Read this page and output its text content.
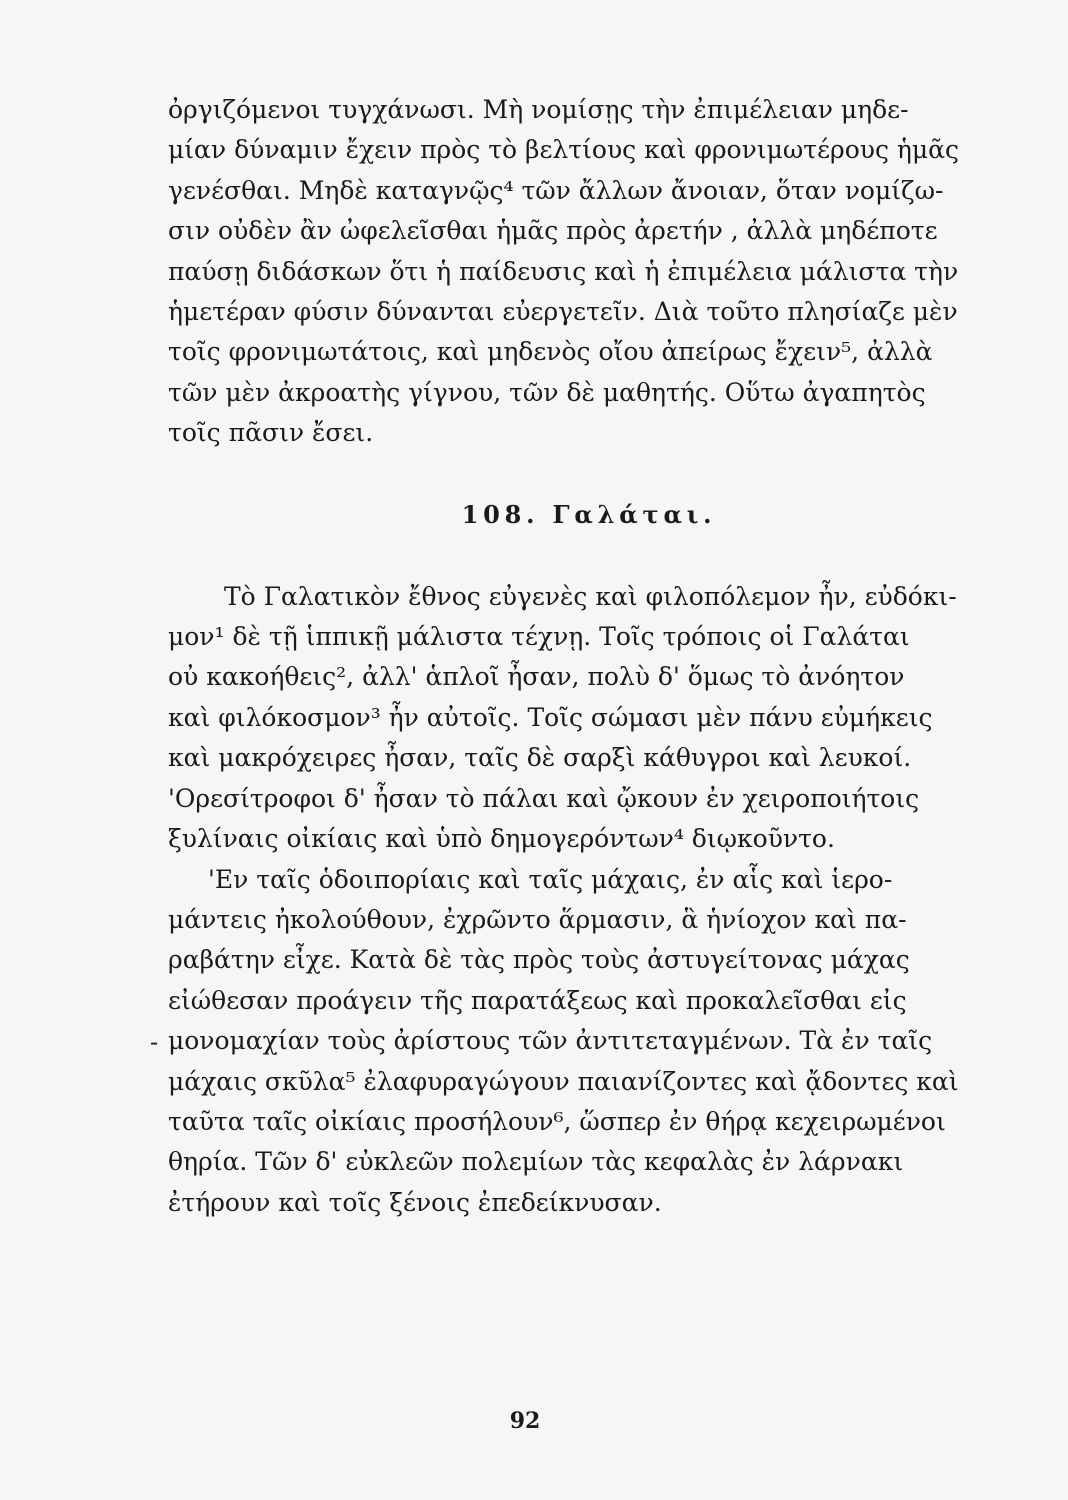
ὀργιζόμενοι τυγχάνωσι. Μὴ νομίσῃς τὴν ἐπιμέλειαν μηδε-
μίαν δύναμιν ἔχειν πρὸς τὸ βελτίους καὶ φρονιμωτέρους ἡμᾶς
γενέσθαι. Μηδὲ καταγνῷς⁴ τῶν ἄλλων ἄνοιαν, ὅταν νομίζω-
σιν οὐδὲν ἂν ὠφελεῖσθαι ἡμᾶς πρὸς ἀρετήν , ἀλλὰ μηδέποτε
παύσῃ διδάσκων ὅτι ἡ παίδευσις καὶ ἡ ἐπιμέλεια μάλιστα τὴν
ἡμετέραν φύσιν δύνανται εὐεργετεῖν. Διὰ τοῦτο πλησίαζε μὲν
τοῖς φρονιμωτάτοις, καὶ μηδενὸς οἴου ἀπείρως ἔχειν⁵, ἀλλὰ
τῶν μὲν ἀκροατὴς γίγνου, τῶν δὲ μαθητής. Οὕτω ἀγαπητὸς
τοῖς πᾶσιν ἔσει.
108. Γαλάται.
Τὸ Γαλατικὸν ἔθνος εὐγενὲς καὶ φιλοπόλεμον ἦν, εὐδόκι-
μον¹ δὲ τῇ ἱππικῇ μάλιστα τέχνῃ. Τοῖς τρόποις οἱ Γαλάται
οὐ κακοήθεις², ἀλλ' ἁπλοῖ ἦσαν, πολὺ δ' ὅμως τὸ ἀνόητον
καὶ φιλόκοσμον³ ἦν αὐτοῖς. Τοῖς σώμασι μὲν πάνυ εὐμήκεις
καὶ μακρόχειρες ἦσαν, ταῖς δὲ σαρξὶ κάθυγροι καὶ λευκοί.
'Ορεσίτροφοι δ' ἦσαν τὸ πάλαι καὶ ᾤκουν ἐν χειροποιήτοις
ξυλίναις οἰκίαις καὶ ὑπὸ δημογερόντων⁴ διῳκοῦντο.
'Εν ταῖς ὁδοιπορίαις καὶ ταῖς μάχαις, ἐν αἷς καὶ ἱερο-
μάντεις ἠκολούθουν, ἐχρῶντο ἅρμασιν, ἃ ἡνίοχον καὶ πα-
ραβάτην εἶχε. Κατὰ δὲ τὰς πρὸς τοὺς ἀστυγείτονας μάχας
εἰώθεσαν προάγειν τῆς παρατάξεως καὶ προκαλεῖσθαι εἰς
μονομαχίαν τοὺς ἀρίστους τῶν ἀντιτεταγμένων. Τὰ ἐν ταῖς
μάχαις σκῦλα⁵ ἐλαφυραγώγουν παιανίζοντες καὶ ᾄδοντες καὶ
ταῦτα ταῖς οἰκίαις προσήλουν⁶, ὥσπερ ἐν θήρᾳ κεχειρωμένοι
θηρία. Τῶν δ' εὐκλεῶν πολεμίων τὰς κεφαλὰς ἐν λάρνακι
ἐτήρουν καὶ τοῖς ξένοις ἐπεδείκνυσαν.
-
92
